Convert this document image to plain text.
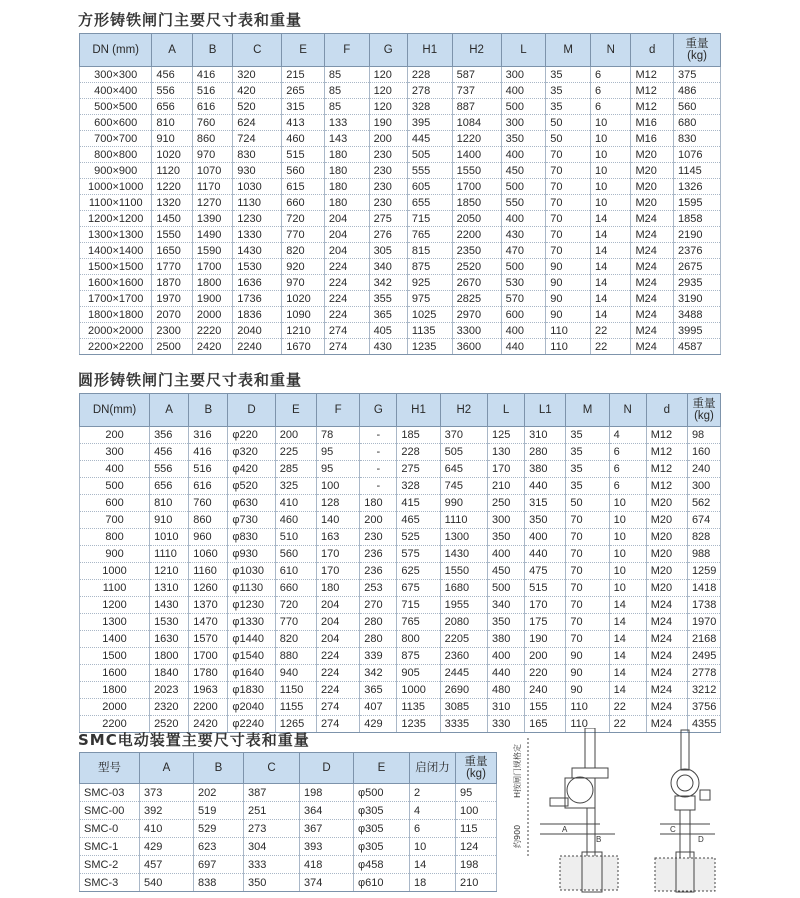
方形铸铁闸门主要尺寸表和重量
DN (mm)	A	B	C	E	F	G	H1	H2	L	M	N	d	重量
(kg)
300×300	456	416	320	215	85	120	228	587	300	35	6	M12	375
400×400	556	516	420	265	85	120	278	737	400	35	6	M12	486
500×500	656	616	520	315	85	120	328	887	500	35	6	M12	560
600×600	810	760	624	413	133	190	395	1084	300	50	10	M16	680
700×700	910	860	724	460	143	200	445	1220	350	50	10	M16	830
800×800	1020	970	830	515	180	230	505	1400	400	70	10	M20	1076
900×900	1120	1070	930	560	180	230	555	1550	450	70	10	M20	1145
1000×1000	1220	1170	1030	615	180	230	605	1700	500	70	10	M20	1326
1100×1100	1320	1270	1130	660	180	230	655	1850	550	70	10	M20	1595
1200×1200	1450	1390	1230	720	204	275	715	2050	400	70	14	M24	1858
1300×1300	1550	1490	1330	770	204	276	765	2200	430	70	14	M24	2190
1400×1400	1650	1590	1430	820	204	305	815	2350	470	70	14	M24	2376
1500×1500	1770	1700	1530	920	224	340	875	2520	500	90	14	M24	2675
1600×1600	1870	1800	1636	970	224	342	925	2670	530	90	14	M24	2935
1700×1700	1970	1900	1736	1020	224	355	975	2825	570	90	14	M24	3190
1800×1800	2070	2000	1836	1090	224	365	1025	2970	600	90	14	M24	3488
2000×2000	2300	2220	2040	1210	274	405	1135	3300	400	110	22	M24	3995
2200×2200	2500	2420	2240	1670	274	430	1235	3600	440	110	22	M24	4587
圆形铸铁闸门主要尺寸表和重量
DN(mm)	A	B	D	E	F	G	H1	H2	L	L1	M	N	d	重量
(kg)
200	356	316	φ220	200	78	-	185	370	125	310	35	4	M12	98
300	456	416	φ320	225	95	-	228	505	130	280	35	6	M12	160
400	556	516	φ420	285	95	-	275	645	170	380	35	6	M12	240
500	656	616	φ520	325	100	-	328	745	210	440	35	6	M12	300
600	810	760	φ630	410	128	180	415	990	250	315	50	10	M20	562
700	910	860	φ730	460	140	200	465	1110	300	350	70	10	M20	674
800	1010	960	φ830	510	163	230	525	1300	350	400	70	10	M20	828
900	1110	1060	φ930	560	170	236	575	1430	400	440	70	10	M20	988
1000	1210	1160	φ1030	610	170	236	625	1550	450	475	70	10	M20	1259
1100	1310	1260	φ1130	660	180	253	675	1680	500	515	70	10	M20	1418
1200	1430	1370	φ1230	720	204	270	715	1955	340	170	70	14	M24	1738
1300	1530	1470	φ1330	770	204	280	765	2080	350	175	70	14	M24	1970
1400	1630	1570	φ1440	820	204	280	800	2205	380	190	70	14	M24	2168
1500	1800	1700	φ1540	880	224	339	875	2360	400	200	90	14	M24	2495
1600	1840	1780	φ1640	940	224	342	905	2445	440	220	90	14	M24	2778
1800	2023	1963	φ1830	1150	224	365	1000	2690	480	240	90	14	M24	3212
2000	2320	2200	φ2040	1155	274	407	1135	3085	310	155	110	22	M24	3756
2200	2520	2420	φ2240	1265	274	429	1235	3335	330	165	110	22	M24	4355
SMC电动装置主要尺寸表和重量
型号	A	B	C	D	E	启闭力	重量
(kg)
SMC-03	373	202	387	198	φ500	2	95
SMC-00	392	519	251	364	φ305	4	100
SMC-0	410	529	273	367	φ305	6	115
SMC-1	429	623	304	393	φ305	10	124
SMC-2	457	697	333	418	φ458	14	198
SMC-3	540	838	350	374	φ610	18	210
H按闸门规格定
约900	A
B
C
D
